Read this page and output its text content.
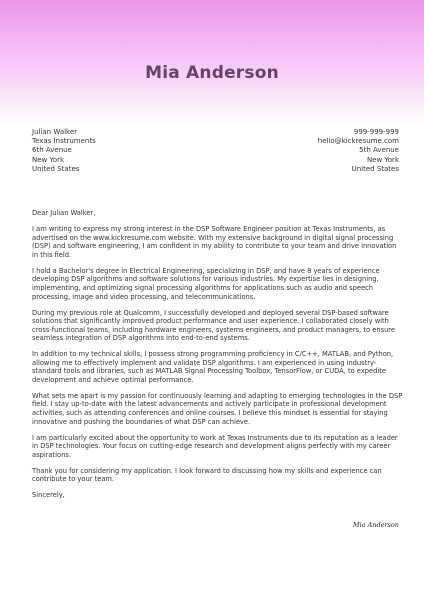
Mia Anderson
Julian Walker
Texas Instruments
6th Avenue
New York
United States
999-999-999
hello@kickresume.com
5th Avenue
New York
United States

Dear Julian Walker,

I am writing to express my strong interest in the DSP Software Engineer position at Texas Instruments, as advertised on the www.kickresume.com website. With my extensive background in digital signal processing (DSP) and software engineering, I am confident in my ability to contribute to your team and drive innovation in this field.

I hold a Bachelor's degree in Electrical Engineering, specializing in DSP, and have 8 years of experience developing DSP algorithms and software solutions for various industries. My expertise lies in designing, implementing, and optimizing signal processing algorithms for applications such as audio and speech processing, image and video processing, and telecommunications.

During my previous role at Qualcomm, I successfully developed and deployed several DSP-based software solutions that significantly improved product performance and user experience. I collaborated closely with cross-functional teams, including hardware engineers, systems engineers, and product managers, to ensure seamless integration of DSP algorithms into end-to-end systems.

In addition to my technical skills, I possess strong programming proficiency in C/C++, MATLAB, and Python, allowing me to effectively implement and validate DSP algorithms. I am experienced in using industry-standard tools and libraries, such as MATLAB Signal Processing Toolbox, TensorFlow, or CUDA, to expedite development and achieve optimal performance.

What sets me apart is my passion for continuously learning and adapting to emerging technologies in the DSP field. I stay up-to-date with the latest advancements and actively participate in professional development activities, such as attending conferences and online courses. I believe this mindset is essential for staying innovative and pushing the boundaries of what DSP can achieve.

I am particularly excited about the opportunity to work at Texas Instruments due to its reputation as a leader in DSP technologies. Your focus on cutting-edge research and development aligns perfectly with my career aspirations.

Thank you for considering my application. I look forward to discussing how my skills and experience can contribute to your team.

Sincerely,

Mia Anderson
